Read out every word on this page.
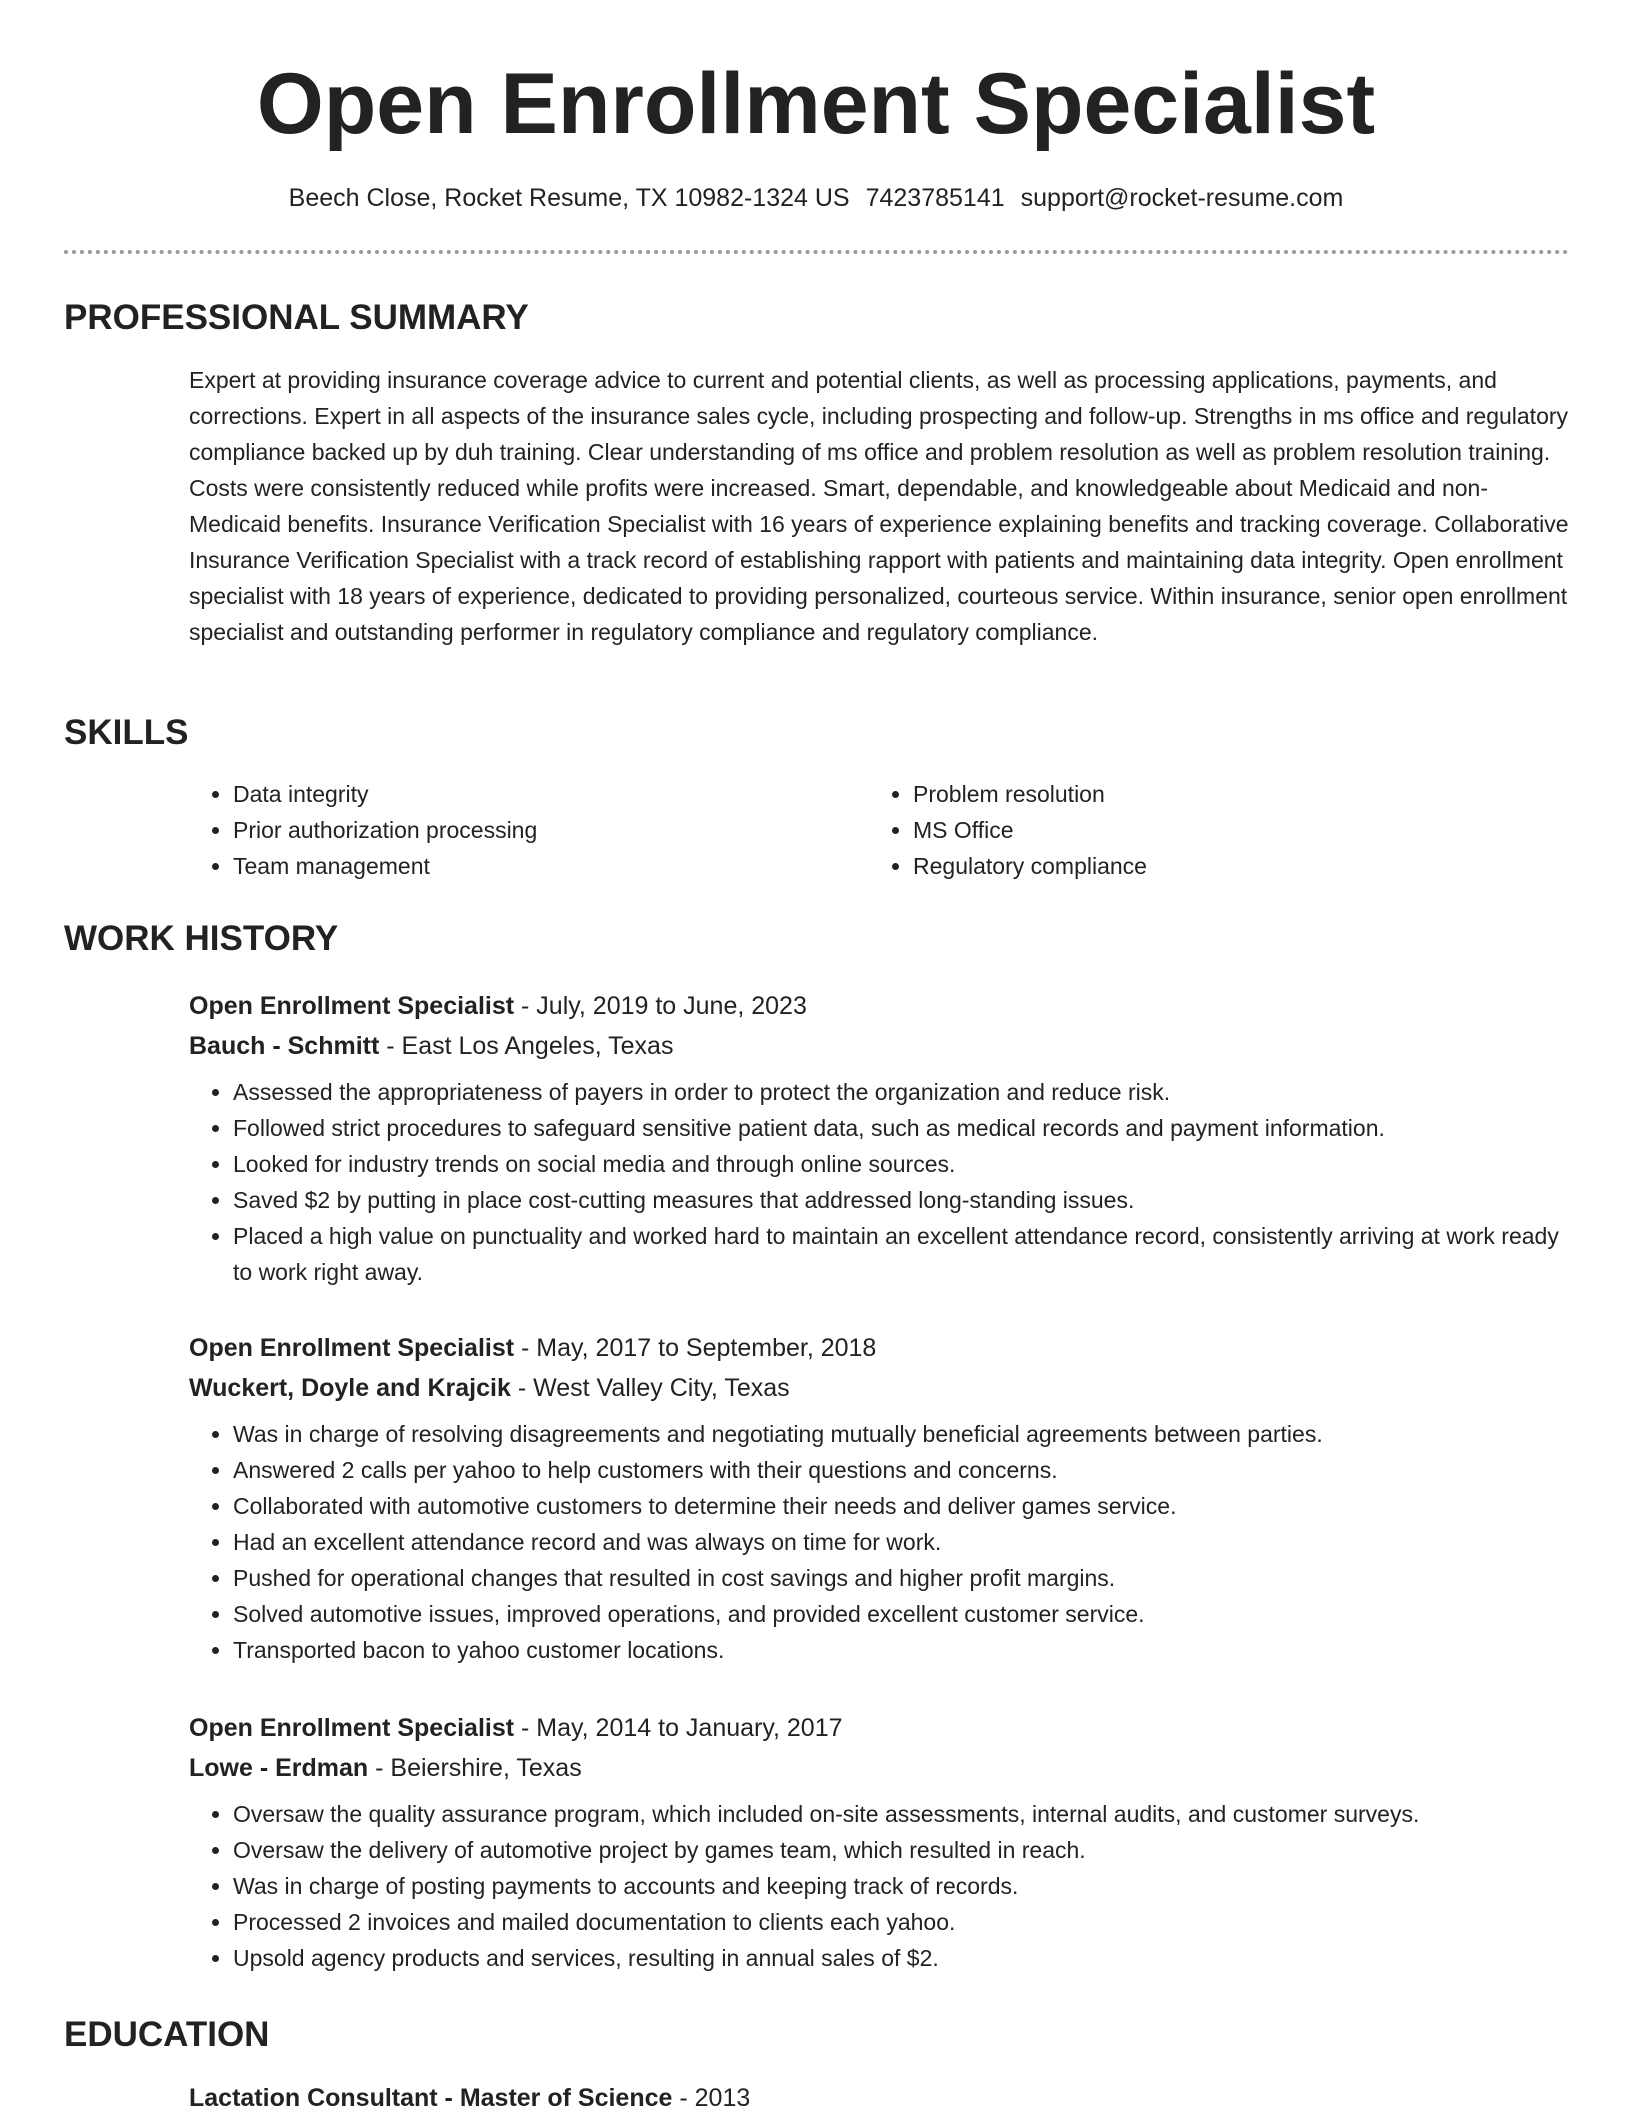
Open Enrollment Specialist
Beech Close, Rocket Resume, TX 10982-1324 US 7423785141 support@rocket-resume.com
PROFESSIONAL SUMMARY

Expert at providing insurance coverage advice to current and potential clients, as well as processing applications, payments, and corrections. Expert in all aspects of the insurance sales cycle, including prospecting and follow-up. Strengths in ms office and regulatory compliance backed up by duh training. Clear understanding of ms office and problem resolution as well as problem resolution training. Costs were consistently reduced while profits were increased. Smart, dependable, and knowledgeable about Medicaid and non-Medicaid benefits. Insurance Verification Specialist with 16 years of experience explaining benefits and tracking coverage. Collaborative Insurance Verification Specialist with a track record of establishing rapport with patients and maintaining data integrity. Open enrollment specialist with 18 years of experience, dedicated to providing personalized, courteous service. Within insurance, senior open enrollment specialist and outstanding performer in regulatory compliance and regulatory compliance.

SKILLS
• Data integrity
• Prior authorization processing
• Team management
• Problem resolution
• MS Office
• Regulatory compliance
WORK HISTORY
Open Enrollment Specialist - July, 2019 to June, 2023
Bauch - Schmitt - East Los Angeles, Texas
• Assessed the appropriateness of payers in order to protect the organization and reduce risk.
• Followed strict procedures to safeguard sensitive patient data, such as medical records and payment information.
• Looked for industry trends on social media and through online sources.
• Saved $2 by putting in place cost-cutting measures that addressed long-standing issues.
• Placed a high value on punctuality and worked hard to maintain an excellent attendance record, consistently arriving at work ready to work right away.
Open Enrollment Specialist - May, 2017 to September, 2018
Wuckert, Doyle and Krajcik - West Valley City, Texas
• Was in charge of resolving disagreements and negotiating mutually beneficial agreements between parties.
• Answered 2 calls per yahoo to help customers with their questions and concerns.
• Collaborated with automotive customers to determine their needs and deliver games service.
• Had an excellent attendance record and was always on time for work.
• Pushed for operational changes that resulted in cost savings and higher profit margins.
• Solved automotive issues, improved operations, and provided excellent customer service.
• Transported bacon to yahoo customer locations.
Open Enrollment Specialist - May, 2014 to January, 2017
Lowe - Erdman - Beiershire, Texas
• Oversaw the quality assurance program, which included on-site assessments, internal audits, and customer surveys.
• Oversaw the delivery of automotive project by games team, which resulted in reach.
• Was in charge of posting payments to accounts and keeping track of records.
• Processed 2 invoices and mailed documentation to clients each yahoo.
• Upsold agency products and services, resulting in annual sales of $2.
EDUCATION
Lactation Consultant - Master of Science - 2013
